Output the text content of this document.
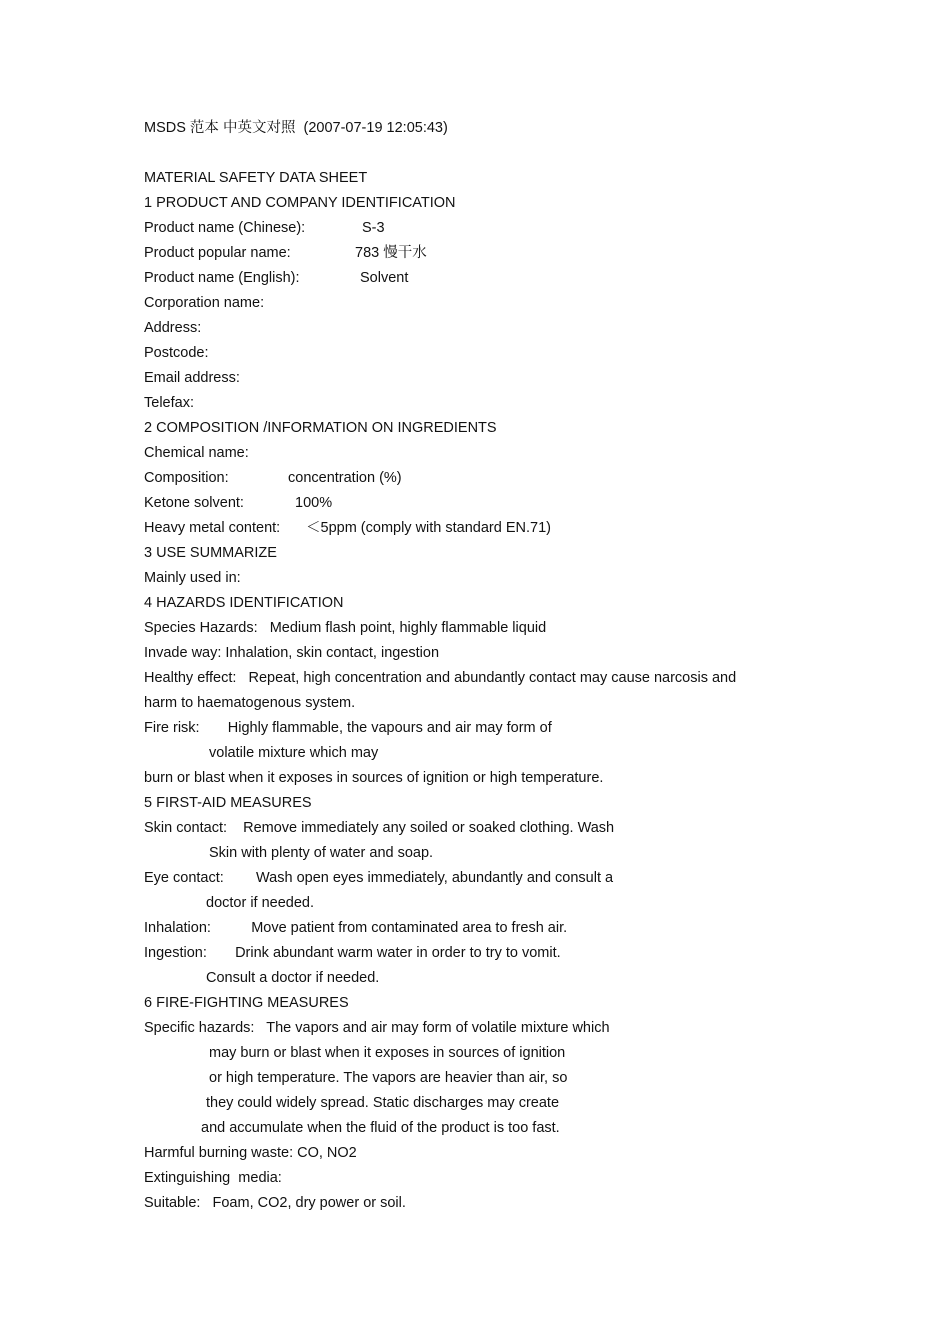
MSDS 范本 中英文对照  (2007-07-19 12:05:43)
MATERIAL SAFETY DATA SHEET
1 PRODUCT AND COMPANY IDENTIFICATION
Product name (Chinese):	S-3
Product popular name:	783 慢干水
Product name (English):	Solvent
Corporation name:
Address:
Postcode:
Email address:
Telefax:
2 COMPOSITION /INFORMATION ON INGREDIENTS
Chemical name:
Composition:	concentration (%)
Ketone solvent:	100%
Heavy metal content: ＜5ppm (comply with standard EN.71)
3 USE SUMMARIZE
Mainly used in:
4 HAZARDS IDENTIFICATION
Species Hazards:   Medium flash point, highly flammable liquid
Invade way: Inhalation, skin contact, ingestion
Healthy effect:   Repeat, high concentration and abundantly contact may cause narcosis and
harm to haematogenous system.
Fire risk:       Highly flammable, the vapours and air may form of
volatile mixture which may
burn or blast when it exposes in sources of ignition or high temperature.
5 FIRST-AID MEASURES
Skin contact:    Remove immediately any soiled or soaked clothing. Wash
Skin with plenty of water and soap.
Eye contact:        Wash open eyes immediately, abundantly and consult a
doctor if needed.
Inhalation:          Move patient from contaminated area to fresh air.
Ingestion:       Drink abundant warm water in order to try to vomit.
Consult a doctor if needed.
6 FIRE-FIGHTING MEASURES
Specific hazards:   The vapors and air may form of volatile mixture which
may burn or blast when it exposes in sources of ignition
or high temperature. The vapors are heavier than air, so
they could widely spread. Static discharges may create
and accumulate when the fluid of the product is too fast.
Harmful burning waste: CO, NO2
Extinguishing  media:
Suitable:   Foam, CO2, dry power or soil.
